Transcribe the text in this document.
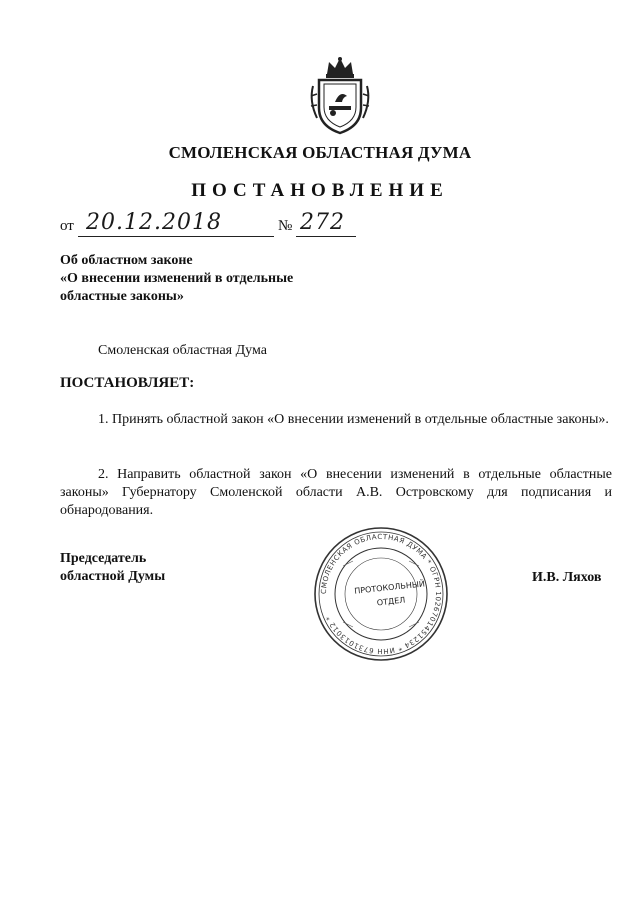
СМОЛЕНСКАЯ ОБЛАСТНАЯ ДУМА
ПОСТАНОВЛЕНИЕ
от 20.12.2018	№ 272
Об областном законе
«О внесении изменений в отдельные
областные законы»
Смоленская областная Дума
ПОСТАНОВЛЯЕТ:
1. Принять областной закон «О внесении изменений в отдельные областные законы».
2. Направить областной закон «О внесении изменений в отдельные областные законы» Губернатору Смоленской области А.В. Островскому для подписания и обнародования.
Председатель
областной Думы
СМОЛЕНСКАЯ ОБЛАСТНАЯ ДУМА * ОГРН 1026701451234 * ИНН 6731013012 *
ПРОТОКОЛЬНЫЙ
ОТДЕЛ
И.В. Ляхов
